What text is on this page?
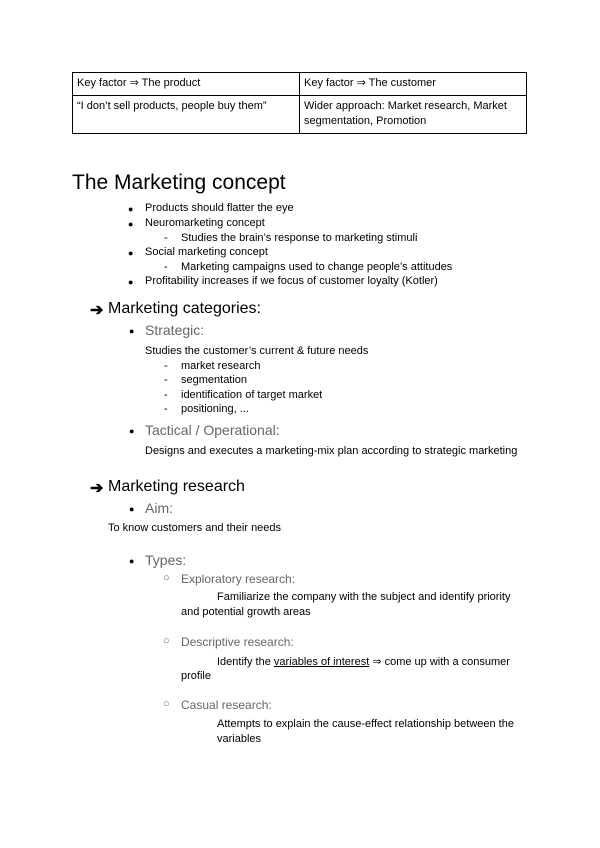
Key factor ⇒ The product	Key factor ⇒ The customer
“I don’t sell products, people buy them”	Wider approach: Market research, Market segmentation, Promotion
The Marketing concept
● Products should flatter the eye
● Neuromarketing concept
- Studies the brain’s response to marketing stimuli
● Social marketing concept
- Marketing campaigns used to change people’s attitudes
● Profitability increases if we focus of customer loyalty (Kotler)
➔ Marketing categories:
● Strategic:
Studies the customer’s current & future needs
- market research
- segmentation
- identification of target market
- positioning, ...
● Tactical / Operational:
Designs and executes a marketing-mix plan according to strategic marketing
➔ Marketing research
● Aim:
To know customers and their needs
● Types:
○ Exploratory research:
Familiarize the company with the subject and identify priority
and potential growth areas
○ Descriptive research:
Identify the variables of interest ⇒ come up with a consumer
profile
○ Casual research:
Attempts to explain the cause-effect relationship between the
variables
